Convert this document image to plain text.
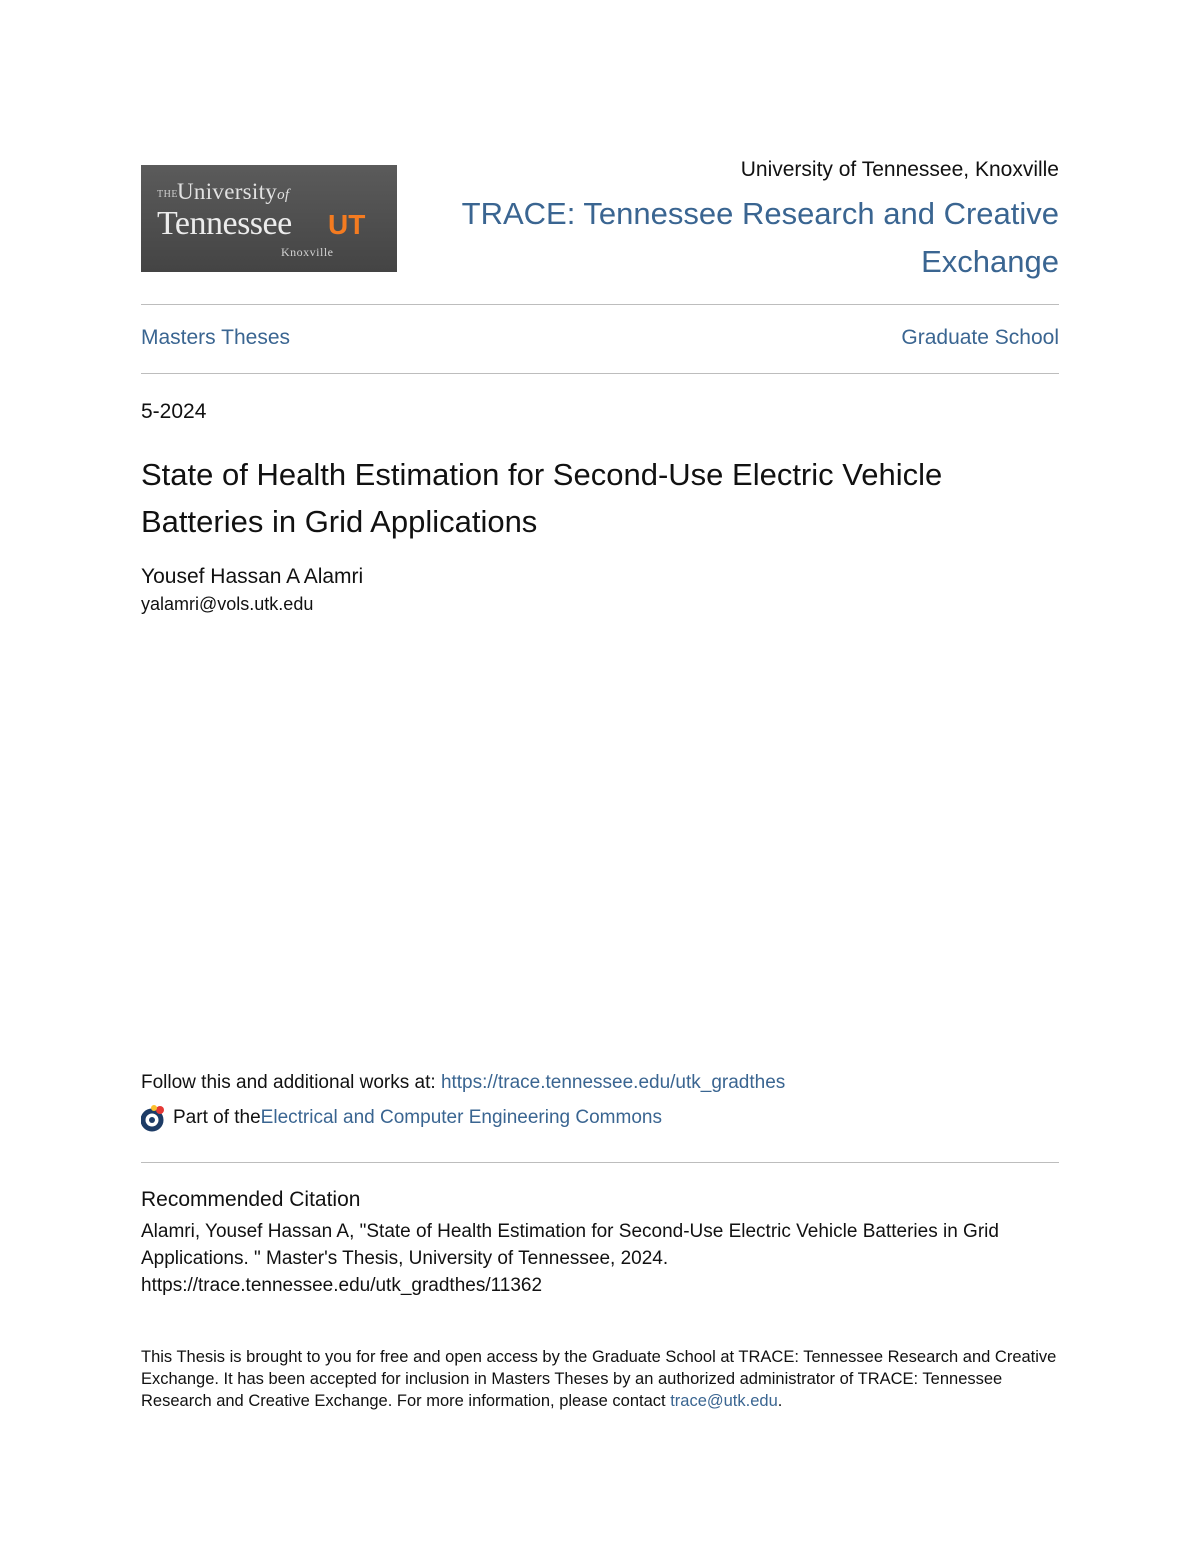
THE Universityof
Tennessee UT
Knoxville
University of Tennessee, Knoxville
TRACE: Tennessee Research and Creative Exchange
Masters Theses	Graduate School
5-2024
State of Health Estimation for Second-Use Electric Vehicle Batteries in Grid Applications
Yousef Hassan A Alamri
yalamri@vols.utk.edu
Follow this and additional works at: https://trace.tennessee.edu/utk_gradthes
Part of the Electrical and Computer Engineering Commons
Recommended Citation
Alamri, Yousef Hassan A, "State of Health Estimation for Second-Use Electric Vehicle Batteries in Grid Applications. " Master's Thesis, University of Tennessee, 2024.
https://trace.tennessee.edu/utk_gradthes/11362
This Thesis is brought to you for free and open access by the Graduate School at TRACE: Tennessee Research and Creative Exchange. It has been accepted for inclusion in Masters Theses by an authorized administrator of TRACE: Tennessee Research and Creative Exchange. For more information, please contact trace@utk.edu.
